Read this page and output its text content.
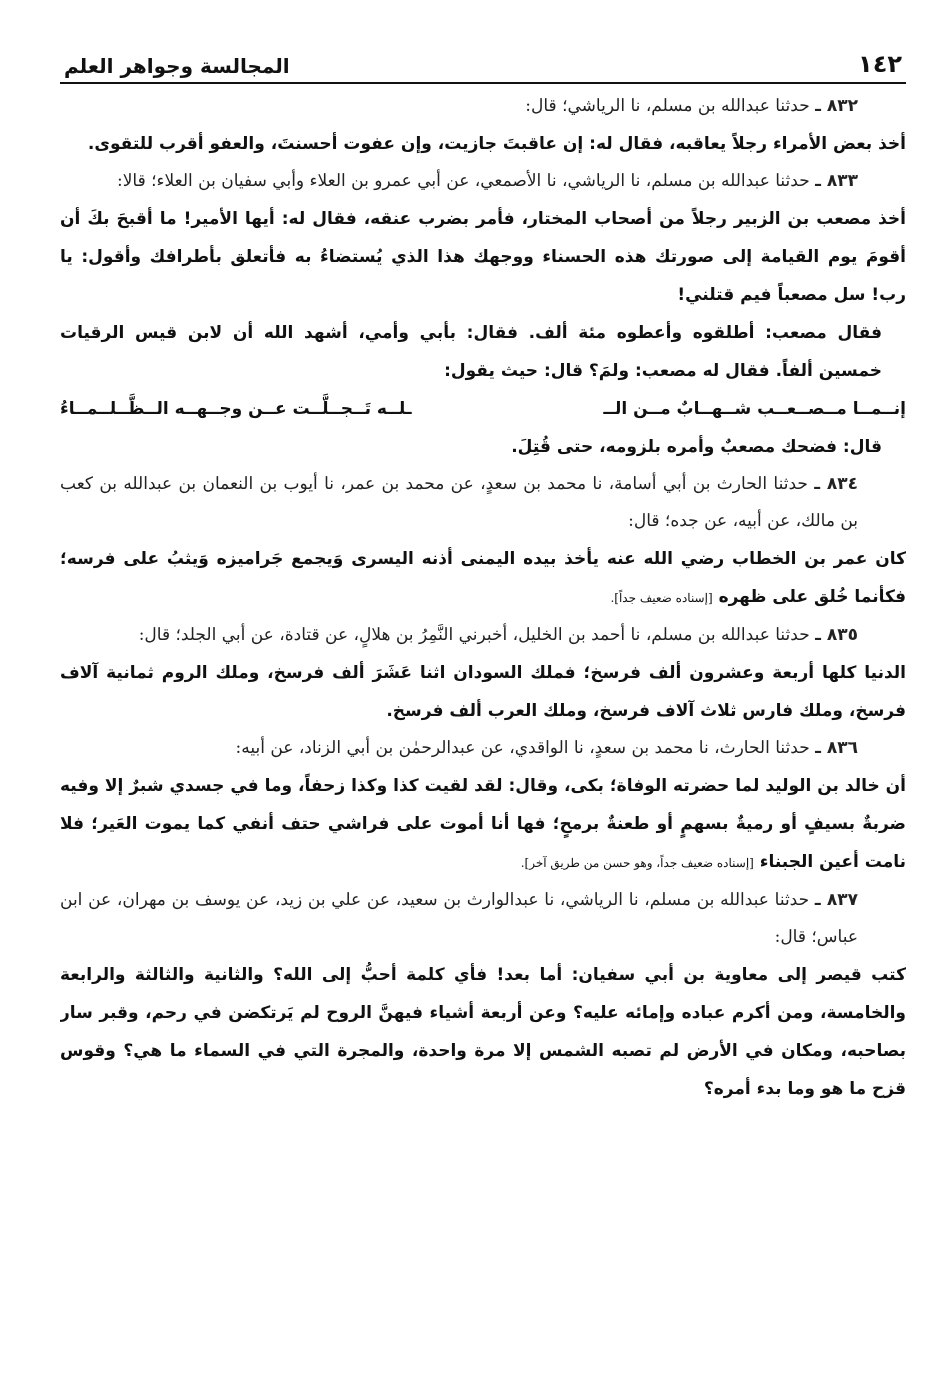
١٤٢
المجالسة وجواهر العلم

٨٣٢ ـ حدثنا عبدالله بن مسلم، نا الرياشي؛ قال:

أخذ بعض الأمراء رجلاً يعاقبه، فقال له: إن عاقبتَ جازيت، وإن عفوت أحسنتَ، والعفو أقرب للتقوى.

٨٣٣ ـ حدثنا عبدالله بن مسلم، نا الرياشي، نا الأصمعي، عن أبي عمرو بن العلاء وأبي سفيان بن العلاء؛ قالا:

أخذ مصعب بن الزبير رجلاً من أصحاب المختار، فأمر بضرب عنقه، فقال له: أيها الأمير! ما أقبحَ بكَ أن أقومَ يوم القيامة إلى صورتك هذه الحسناء ووجهك هذا الذي يُستضاءُ به فأتعلق بأطرافك وأقول: يا رب! سل مصعباً فيم قتلني!

فقال مصعب: أطلقوه وأعطوه مئة ألف. فقال: بأبي وأمي، أشهد الله أن لابن قيس الرقيات خمسين ألفاً. فقال له مصعب: ولمَ؟ قال: حيث يقول:

إنــمــا مــصــعــب شــهــابٌ مــن الــ
ـلــه تَــجــلَّــت عــن وجــهــه الــظَّــلــمــاءُ

قال: فضحك مصعبٌ وأمره بلزومه، حتى قُتِلَ.

٨٣٤ ـ حدثنا الحارث بن أبي أسامة، نا محمد بن سعدٍ، عن محمد بن عمر، نا أيوب بن النعمان بن عبدالله بن كعب بن مالك، عن أبيه، عن جده؛ قال:

كان عمر بن الخطاب رضي الله عنه يأخذ بيده اليمنى أذنه اليسرى وَيجمع جَراميزه وَيثبُ على فرسه؛ فكأنما خُلق على ظهره [إسناده ضعيف جداً].

٨٣٥ ـ حدثنا عبدالله بن مسلم، نا أحمد بن الخليل، أخبرني النَّمِرُ بن هلالٍ، عن قتادة، عن أبي الجلد؛ قال:

الدنيا كلها أربعة وعشرون ألف فرسخ؛ فملك السودان اثنا عَشَرَ ألف فرسخ، وملك الروم ثمانية آلاف فرسخ، وملك فارس ثلاث آلاف فرسخ، وملك العرب ألف فرسخ.

٨٣٦ ـ حدثنا الحارث، نا محمد بن سعدٍ، نا الواقدي، عن عبدالرحمٰن بن أبي الزناد، عن أبيه:

أن خالد بن الوليد لما حضرته الوفاة؛ بكى، وقال: لقد لقيت كذا وكذا زحفاً، وما في جسدي شبرٌ إلا وفيه ضربةٌ بسيفٍ أو رميةٌ بسهمٍ أو طعنةٌ برمحٍ؛ فها أنا أموت على فراشي حتف أنفي كما يموت العَير؛ فلا نامت أعين الجبناء [إسناده ضعيف جداً، وهو حسن من طريق آخر].

٨٣٧ ـ حدثنا عبدالله بن مسلم، نا الرياشي، نا عبدالوارث بن سعيد، عن علي بن زيد، عن يوسف بن مهران، عن ابن عباس؛ قال:

كتب قيصر إلى معاوية بن أبي سفيان: أما بعد! فأي كلمة أحبُّ إلى الله؟ والثانية والثالثة والرابعة والخامسة، ومن أكرم عباده وإمائه عليه؟ وعن أربعة أشياء فيهنَّ الروح لم يَرتكضن في رحم، وقبر سار بصاحبه، ومكان في الأرض لم تصبه الشمس إلا مرة واحدة، والمجرة التي في السماء ما هي؟ وقوس قزح ما هو وما بدء أمره؟
